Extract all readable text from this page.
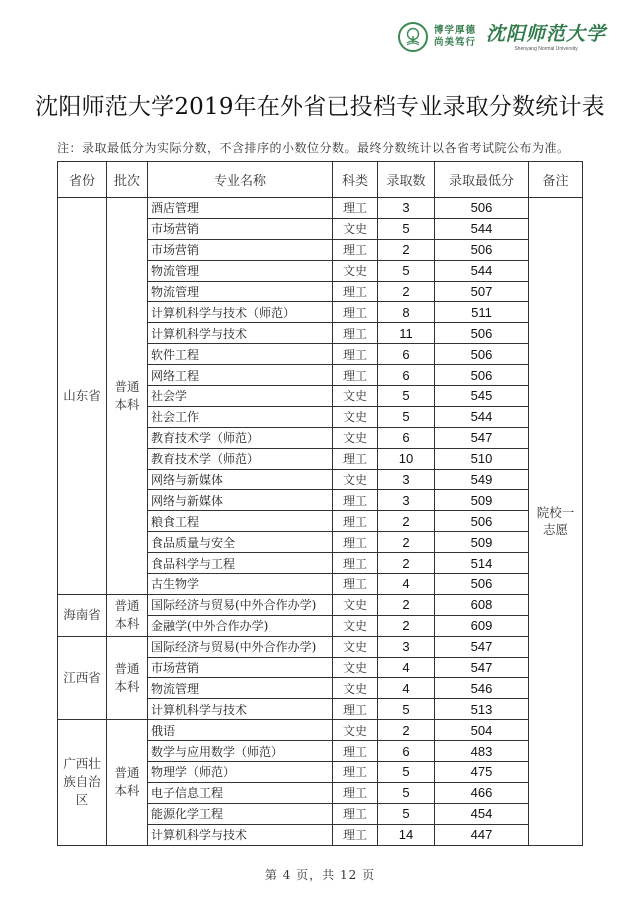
博学厚德
尚美笃行 沈阳师范大学
Shenyang Normal University
沈阳师范大学2019年在外省已投档专业录取分数统计表
注：录取最低分为实际分数，不含排序的小数位分数。最终分数统计以各省考试院公布为准。
省份	批次	专业名称	科类	录取数	录取最低分	备注
山东省	普通本科	酒店管理	理工	3	506	院校一志愿
		市场营销	文史	5	544	
		市场营销	理工	2	506	
		物流管理	文史	5	544	
		物流管理	理工	2	507	
		计算机科学与技术（师范）	理工	8	511	
		计算机科学与技术	理工	11	506	
		软件工程	理工	6	506	
		网络工程	理工	6	506	
		社会学	文史	5	545	
		社会工作	文史	5	544	
		教育技术学（师范）	文史	6	547	
		教育技术学（师范）	理工	10	510	
		网络与新媒体	文史	3	549	
		网络与新媒体	理工	3	509	
		粮食工程	理工	2	506	
		食品质量与安全	理工	2	509	
		食品科学与工程	理工	2	514	
		古生物学	理工	4	506	
海南省	普通本科	国际经济与贸易(中外合作办学)	文史	2	608	
		金融学(中外合作办学)	文史	2	609	
江西省	普通本科	国际经济与贸易(中外合作办学)	文史	3	547	
		市场营销	文史	4	547	
		物流管理	文史	4	546	
		计算机科学与技术	理工	5	513	
广西壮族自治区	普通本科	俄语	文史	2	504	
		数学与应用数学（师范）	理工	6	483	
		物理学（师范）	理工	5	475	
		电子信息工程	理工	5	466	
		能源化学工程	理工	5	454	
		计算机科学与技术	理工	14	447	
第 4 页，共 12 页
